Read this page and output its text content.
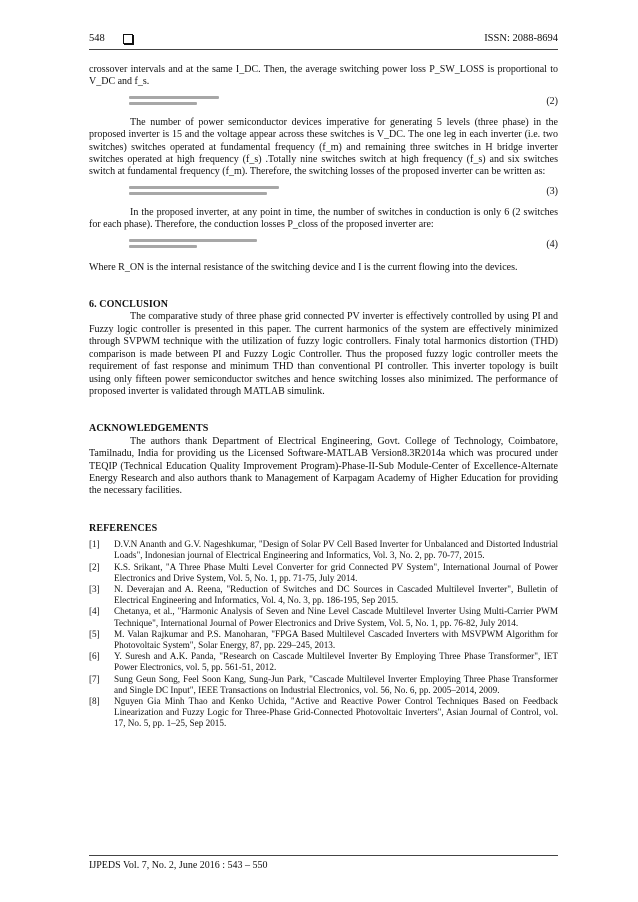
548	ISSN: 2088-8694

crossover intervals and at the same I_DC. Then, the average switching power loss P_SW_LOSS is proportional to V_DC and f_s.

(2)

The number of power semiconductor devices imperative for generating 5 levels (three phase) in the proposed inverter is 15 and the voltage appear across these switches is V_DC. The one leg in each inverter (i.e. two switches) switches operated at fundamental frequency (f_m) and remaining three switches in H bridge inverter switches operated at high frequency (f_s) .Totally nine switches switch at high frequency (f_s) and six switches switch at fundamental frequency (f_m). Therefore, the switching losses of the proposed inverter can be written as:

(3)

In the proposed inverter, at any point in time, the number of switches in conduction is only 6 (2 switches for each phase). Therefore, the conduction losses P_closs of the proposed inverter are:

(4)

Where R_ON is the internal resistance of the switching device and I is the current flowing into the devices.

6. CONCLUSION

The comparative study of three phase grid connected PV inverter is effectively controlled by using PI and Fuzzy logic controller is presented in this paper. The current harmonics of the system are effectively minimized through SVPWM technique with the utilization of fuzzy logic controllers. Finaly total harmonics distortion (THD) comparison is made between PI and Fuzzy Logic Controller. Thus the proposed fuzzy logic controller meets the requirement of fast response and minimum THD than conventional PI controller. This inverter topology is built using only fifteen power semiconductor switches and hence switching losses also minimized. The performance of proposed inverter is validated through MATLAB simulink.

ACKNOWLEDGEMENTS

The authors thank Department of Electrical Engineering, Govt. College of Technology, Coimbatore, Tamilnadu, India for providing us the Licensed Software-MATLAB Version8.3R2014a which was procured under TEQIP (Technical Education Quality Improvement Program)-Phase-II-Sub Module-Center of Excellence-Alternate Energy Research and also authors thank to Management of Karpagam Academy of Higher Education for providing the necessary facilities.

REFERENCES
[1] D.V.N Ananth and G.V. Nageshkumar, "Design of Solar PV Cell Based Inverter for Unbalanced and Distorted Industrial Loads", Indonesian journal of Electrical Engineering and Informatics, Vol. 3, No. 2, pp. 70-77, 2015.
[2] K.S. Srikant, "A Three Phase Multi Level Converter for grid Connected PV System", International Journal of Power Electronics and Drive System, Vol. 5, No. 1, pp. 71-75, July 2014.
[3] N. Deverajan and A. Reena, "Reduction of Switches and DC Sources in Cascaded Multilevel Inverter", Bulletin of Electrical Engineering and Informatics, Vol. 4, No. 3, pp. 186-195, Sep 2015.
[4] Chetanya, et al., "Harmonic Analysis of Seven and Nine Level Cascade Multilevel Inverter Using Multi-Carrier PWM Technique", International Journal of Power Electronics and Drive System, Vol. 5, No. 1, pp. 76-82, July 2014.
[5] M. Valan Rajkumar and P.S. Manoharan, "FPGA Based Multilevel Cascaded Inverters with MSVPWM Algorithm for Photovoltaic System", Solar Energy, 87, pp. 229–245, 2013.
[6] Y. Suresh and A.K. Panda, "Research on Cascade Multilevel Inverter By Employing Three Phase Transformer", IET Power Electronics, vol. 5, pp. 561-51, 2012.
[7] Sung Geun Song, Feel Soon Kang, Sung-Jun Park, "Cascade Multilevel Inverter Employing Three Phase Transformer and Single DC Input", IEEE Transactions on Industrial Electronics, vol. 56, No. 6, pp. 2005–2014, 2009.
[8] Nguyen Gia Minh Thao and Kenko Uchida, "Active and Reactive Power Control Techniques Based on Feedback Linearization and Fuzzy Logic for Three-Phase Grid-Connected Photovoltaic Inverters", Asian Journal of Control, vol. 17, No. 5, pp. 1–25, Sep 2015.
IJPEDS Vol. 7, No. 2, June 2016 : 543 – 550
